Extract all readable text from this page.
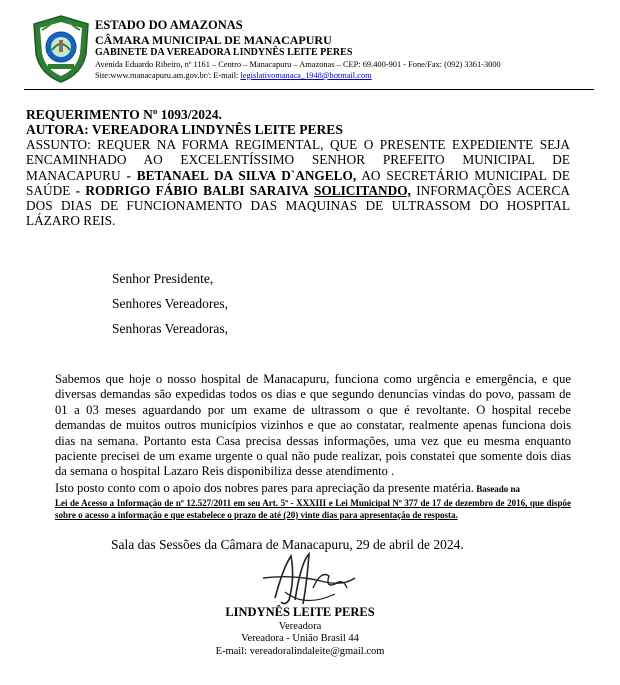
ESTADO DO AMAZONAS
CÂMARA MUNICIPAL DE MANACAPURU
GABINETE DA VEREADORA LINDYNÊS LEITE PERES
Avenida Eduardo Ribeiro, nº 1161 – Centro – Manacapuru – Amazonas – CEP: 69.400-901 - Fone/Fax: (092) 3361-3000
Site:www.manacapuru.am.gov.br/: E-mail: legislativomanaca_1948@hotmail.com
REQUERIMENTO Nº 1093/2024.
AUTORA: VEREADORA LINDYNÊS LEITE PERES
ASSUNTO: REQUER NA FORMA REGIMENTAL, QUE O PRESENTE EXPEDIENTE SEJA ENCAMINHADO AO EXCELENTÍSSIMO SENHOR PREFEITO MUNICIPAL DE MANACAPURU - BETANAEL DA SILVA D`ANGELO, AO SECRETÁRIO MUNICIPAL DE SAÚDE - RODRIGO FÁBIO BALBI SARAIVA SOLICITANDO, INFORMAÇÕES ACERCA DOS DIAS DE FUNCIONAMENTO DAS MAQUINAS DE ULTRASSOM DO HOSPITAL LÁZARO REIS.
Senhor Presidente,
Senhores Vereadores,
Senhoras Vereadoras,
Sabemos que hoje o nosso hospital de Manacapuru, funciona como urgência e emergência, e que diversas demandas são expedidas todos os dias e que segundo denuncias vindas do povo, passam de 01 a 03 meses aguardando por um exame de ultrassom o que é revoltante. O hospital recebe demandas de muitos outros municípios vizinhos e que ao constatar, realmente apenas funciona dois dias na semana. Portanto esta Casa precisa dessas informações, uma vez que eu mesma enquanto paciente precisei de um exame urgente o qual não pude realizar, pois constatei que somente dois dias da semana o hospital Lazaro Reis disponibiliza desse atendimento .
Isto posto conto com o apoio dos nobres pares para apreciação da presente matéria. Baseado na
Lei de Acesso a Informação de nº 12.527/2011 em seu Art. 5º - XXXIII e Lei Municipal Nº 377 de 17 de dezembro de 2016, que dispõe sobre o acesso a informação e que estabelece o prazo de até (20) vinte dias para apresentação de resposta.
Sala das Sessões da Câmara de Manacapuru, 29 de abril de 2024.
LINDYNÊS LEITE PERES
Vereadora
Vereadora - União Brasil 44
E-mail: vereadoralindaleite@gmail.com
